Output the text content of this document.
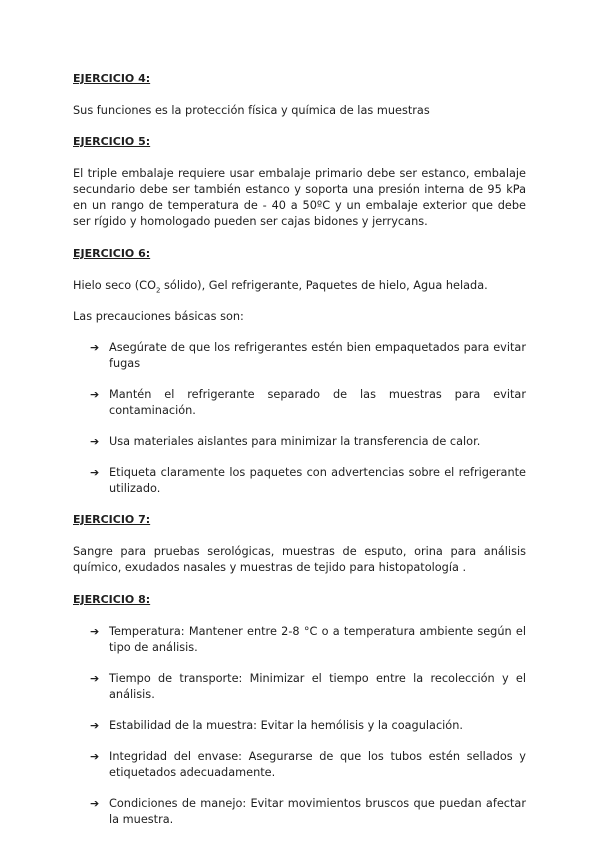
EJERCICIO 4:

Sus funciones es la protección física y química de las muestras

EJERCICIO 5:

El triple embalaje requiere usar embalaje primario debe ser estanco, embalaje secundario debe ser también estanco y soporta una presión interna de 95 kPa en un rango de temperatura de - 40 a 50ºC y un embalaje exterior que debe ser rígido y homologado pueden ser cajas bidones y jerrycans.

EJERCICIO 6:

Hielo seco ($CO_2$ sólido), Gel refrigerante, Paquetes de hielo, Agua helada.

Las precauciones básicas son:

➔ Asegúrate de que los refrigerantes estén bien empaquetados para evitar fugas
➔ Mantén el refrigerante separado de las muestras para evitar contaminación.
➔ Usa materiales aislantes para minimizar la transferencia de calor.
➔ Etiqueta claramente los paquetes con advertencias sobre el refrigerante utilizado.

EJERCICIO 7:

Sangre para pruebas serológicas, muestras de esputo, orina para análisis químico, exudados nasales y muestras de tejido para histopatología .

EJERCICIO 8:

➔ Temperatura: Mantener entre 2-8 °C o a temperatura ambiente según el tipo de análisis.
➔ Tiempo de transporte: Minimizar el tiempo entre la recolección y el análisis.
➔ Estabilidad de la muestra: Evitar la hemólisis y la coagulación.
➔ Integridad del envase: Asegurarse de que los tubos estén sellados y etiquetados adecuadamente.
➔ Condiciones de manejo: Evitar movimientos bruscos que puedan afectar la muestra.
